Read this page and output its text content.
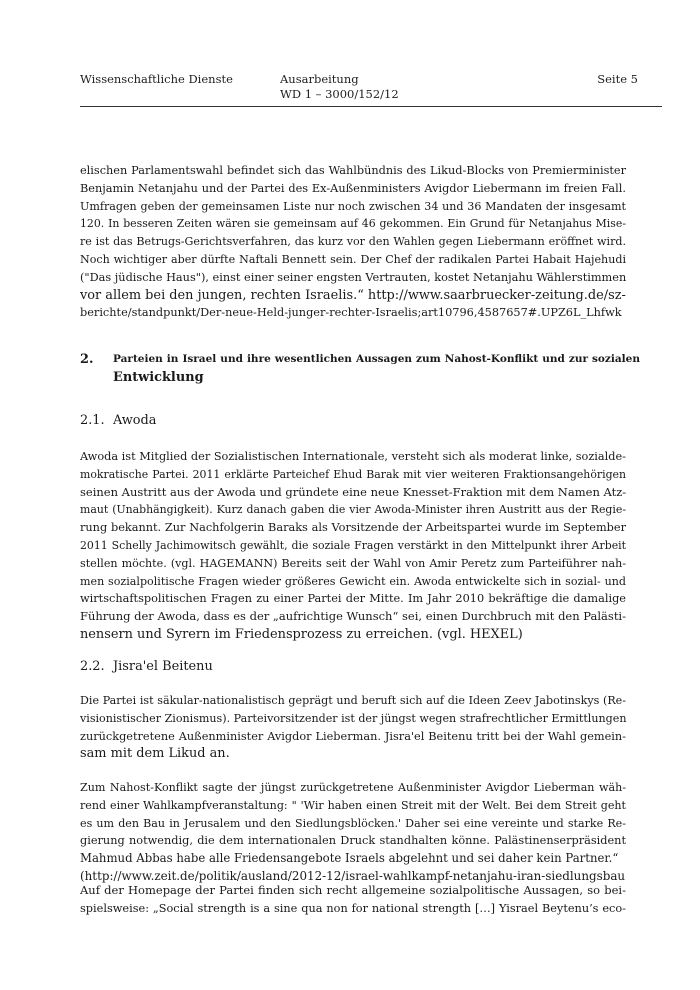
Wissenschaftliche Dienste	Ausarbeitung
WD 1 – 3000/152/12
Seite 5
elischen Parlamentswahl befindet sich das Wahlbündnis des Likud-Blocks von Premierminister
Benjamin Netanjahu und der Partei des Ex-Außenministers Avigdor Liebermann im freien Fall.
Umfragen geben der gemeinsamen Liste nur noch zwischen 34 und 36 Mandaten der insgesamt
120. In besseren Zeiten wären sie gemeinsam auf 46 gekommen. Ein Grund für Netanjahus Mise-
re ist das Betrugs-Gerichtsverfahren, das kurz vor den Wahlen gegen Liebermann eröffnet wird.
Noch wichtiger aber dürfte Naftali Bennett sein. Der Chef der radikalen Partei Habait Hajehudi
("Das jüdische Haus"), einst einer seiner engsten Vertrauten, kostet Netanjahu Wählerstimmen
vor allem bei den jungen, rechten Israelis.“ http://www.saarbruecker-zeitung.de/sz-
berichte/standpunkt/Der-neue-Held-junger-rechter-Israelis;art10796,4587657#.UPZ6L_Lhfwk
2. Parteien in Israel und ihre wesentlichen Aussagen zum Nahost-Konflikt und zur sozialen
Entwicklung
2.1. Awoda
Awoda ist Mitglied der Sozialistischen Internationale, versteht sich als moderat linke, sozialde-
mokratische Partei. 2011 erklärte Parteichef Ehud Barak mit vier weiteren Fraktionsangehörigen
seinen Austritt aus der Awoda und gründete eine neue Knesset-Fraktion mit dem Namen Atz-
maut (Unabhängigkeit). Kurz danach gaben die vier Awoda-Minister ihren Austritt aus der Regie-
rung bekannt. Zur Nachfolgerin Baraks als Vorsitzende der Arbeitspartei wurde im September
2011 Schelly Jachimowitsch gewählt, die soziale Fragen verstärkt in den Mittelpunkt ihrer Arbeit
stellen möchte. (vgl. HAGEMANN) Bereits seit der Wahl von Amir Peretz zum Parteiführer nah-
men sozialpolitische Fragen wieder größeres Gewicht ein. Awoda entwickelte sich in sozial- und
wirtschaftspolitischen Fragen zu einer Partei der Mitte. Im Jahr 2010 bekräftige die damalige
Führung der Awoda, dass es der „aufrichtige Wunsch“ sei, einen Durchbruch mit den Palästi-
nensern und Syrern im Friedensprozess zu erreichen. (vgl. HEXEL)
2.2. Jisra'el Beitenu
Die Partei ist säkular-nationalistisch geprägt und beruft sich auf die Ideen Zeev Jabotinskys (Re-
visionistischer Zionismus). Parteivorsitzender ist der jüngst wegen strafrechtlicher Ermittlungen
zurückgetretene Außenminister Avigdor Lieberman. Jisra'el Beitenu tritt bei der Wahl gemein-
sam mit dem Likud an.
Zum Nahost-Konflikt sagte der jüngst zurückgetretene Außenminister Avigdor Lieberman wäh-
rend einer Wahlkampfveranstaltung: " 'Wir haben einen Streit mit der Welt. Bei dem Streit geht
es um den Bau in Jerusalem und den Siedlungsblöcken.' Daher sei eine vereinte und starke Re-
gierung notwendig, die dem internationalen Druck standhalten könne. Palästinenserpräsident
Mahmud Abbas habe alle Friedensangebote Israels abgelehnt und sei daher kein Partner.“
(http://www.zeit.de/politik/ausland/2012-12/israel-wahlkampf-netanjahu-iran-siedlungsbau
Auf der Homepage der Partei finden sich recht allgemeine sozialpolitische Aussagen, so bei-
spielsweise: „Social strength is a sine qua non for national strength […] Yisrael Beytenu’s eco-
